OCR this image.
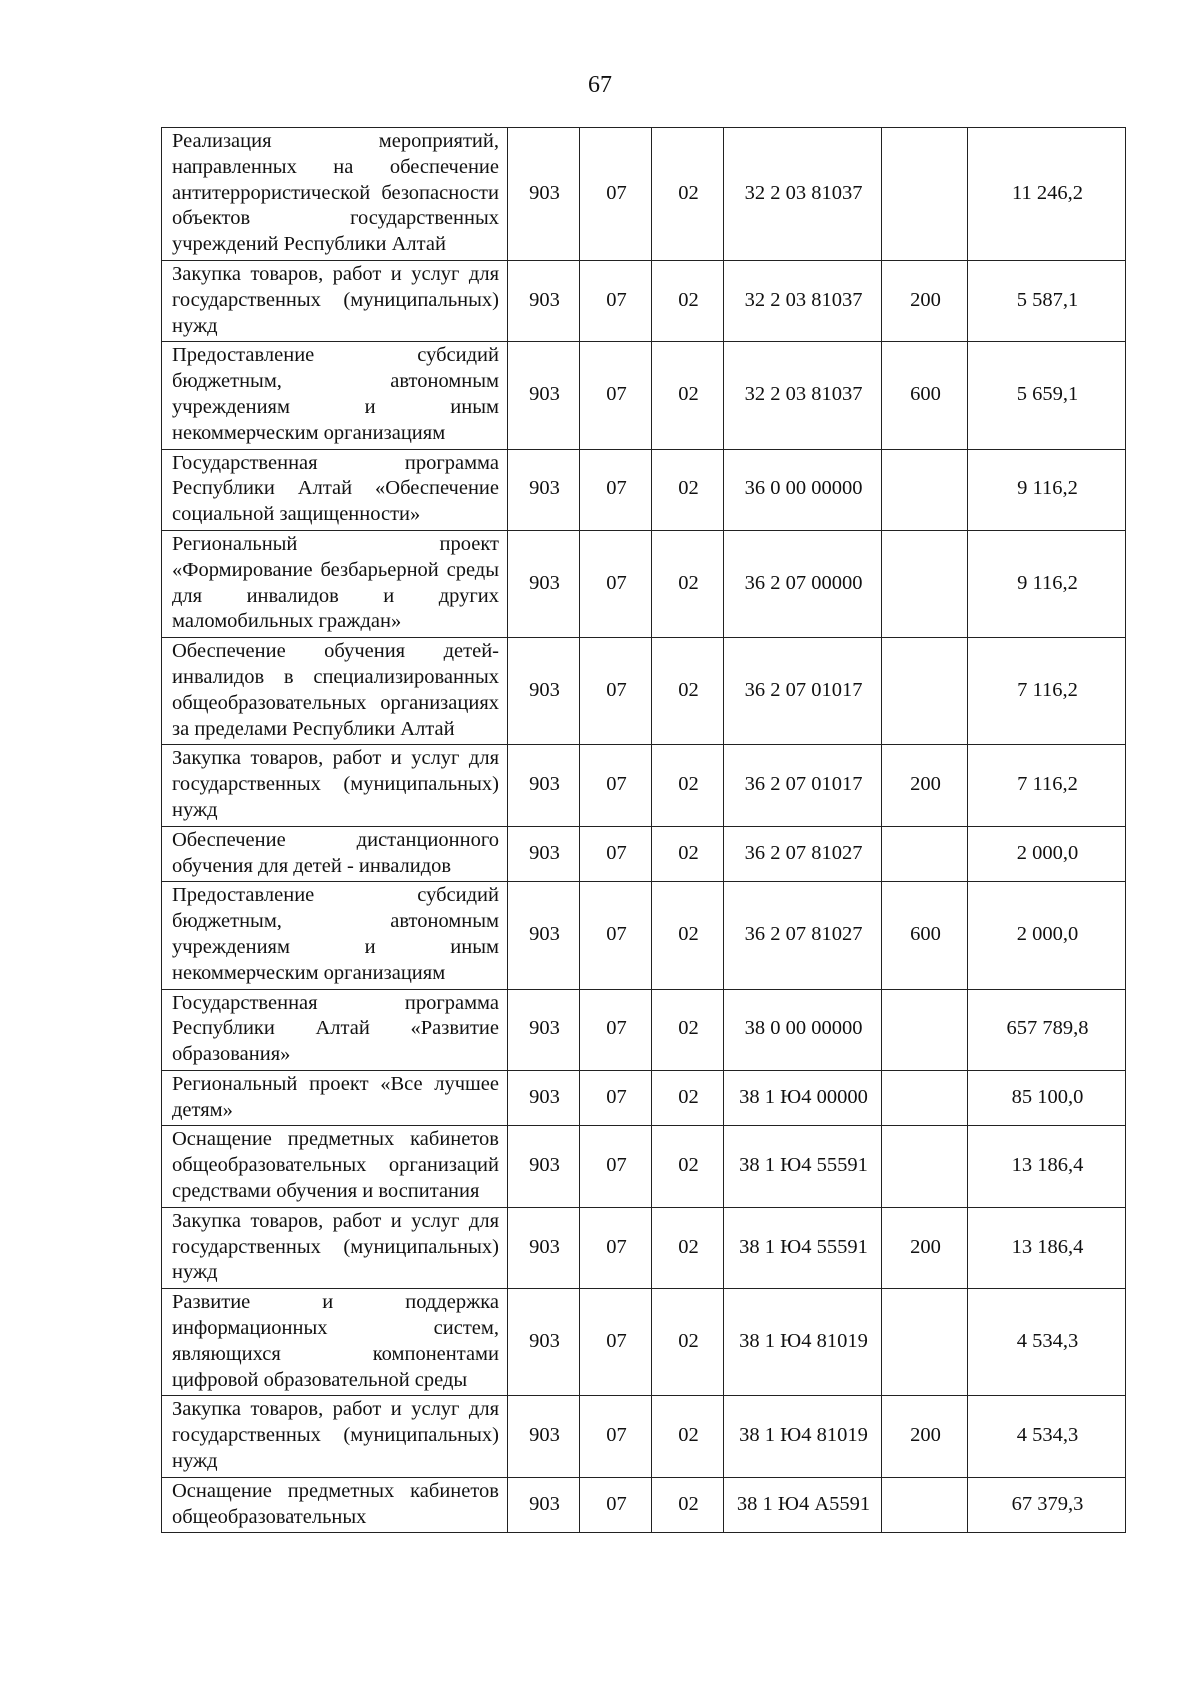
67
Реализация мероприятий, направленных на обеспечение антитеррористической безопасности объектов государственных учреждений Республики Алтай	903	07	02	32 2 03 81037		11 246,2
Закупка товаров, работ и услуг для государственных (муниципальных) нужд	903	07	02	32 2 03 81037	200	5 587,1
Предоставление субсидий бюджетным, автономным учреждениям и иным некоммерческим организациям	903	07	02	32 2 03 81037	600	5 659,1
Государственная программа Республики Алтай «Обеспечение социальной защищенности»	903	07	02	36 0 00 00000		9 116,2
Региональный проект «Формирование безбарьерной среды для инвалидов и других маломобильных граждан»	903	07	02	36 2 07 00000		9 116,2
Обеспечение обучения детей-инвалидов в специализированных общеобразовательных организациях за пределами Республики Алтай	903	07	02	36 2 07 01017		7 116,2
Закупка товаров, работ и услуг для государственных (муниципальных) нужд	903	07	02	36 2 07 01017	200	7 116,2
Обеспечение дистанционного обучения для детей - инвалидов	903	07	02	36 2 07 81027		2 000,0
Предоставление субсидий бюджетным, автономным учреждениям и иным некоммерческим организациям	903	07	02	36 2 07 81027	600	2 000,0
Государственная программа Республики Алтай «Развитие образования»	903	07	02	38 0 00 00000		657 789,8
Региональный проект «Все лучшее детям»	903	07	02	38 1 Ю4 00000		85 100,0
Оснащение предметных кабинетов общеобразовательных организаций средствами обучения и воспитания	903	07	02	38 1 Ю4 55591		13 186,4
Закупка товаров, работ и услуг для государственных (муниципальных) нужд	903	07	02	38 1 Ю4 55591	200	13 186,4
Развитие и поддержка информационных систем, являющихся компонентами цифровой образовательной среды	903	07	02	38 1 Ю4 81019		4 534,3
Закупка товаров, работ и услуг для государственных (муниципальных) нужд	903	07	02	38 1 Ю4 81019	200	4 534,3
Оснащение предметных кабинетов общеобразовательных	903	07	02	38 1 Ю4 А5591		67 379,3
